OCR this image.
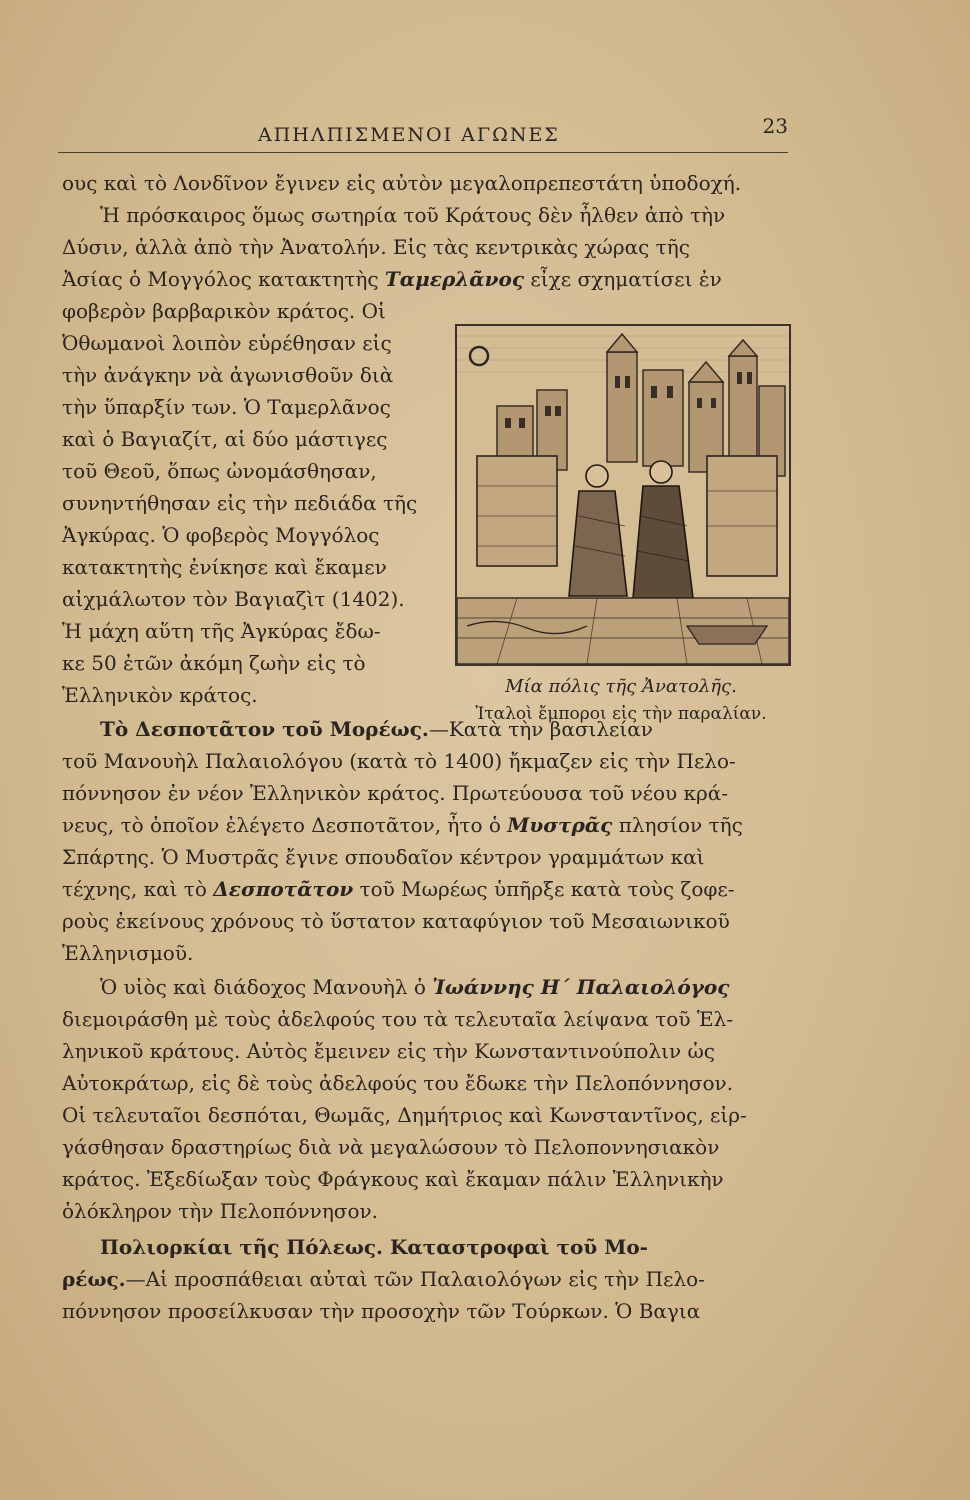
ΑΠΗΛΠΙΣΜΕΝΟΙ ΑΓΩΝΕΣ	23
ους καὶ τὸ Λονδῖνον ἔγινεν εἰς αὐτὸν μεγαλοπρεπεστάτη ὑποδοχή.
Ἡ πρόσκαιρος ὅμως σωτηρία τοῦ Κράτους δὲν ἦλθεν ἀπὸ τὴν
Δύσιν, ἀλλὰ ἀπὸ τὴν Ἀνατολήν. Εἰς τὰς κεντρικὰς χώρας τῆς
Ἀσίας ὁ Μογγόλος κατακτητὴς Ταμερλᾶνος εἶχε σχηματίσει ἐν
φοβερὸν βαρβαρικὸν κράτος. Οἱ
Ὀθωμανοὶ λοιπὸν εὑρέθησαν εἰς
τὴν ἀνάγκην νὰ ἀγωνισθοῦν διὰ
τὴν ὕπαρξίν των. Ὁ Ταμερλᾶνος
καὶ ὁ Βαγιαζίτ, αἱ δύο μάστιγες
τοῦ Θεοῦ, ὅπως ὠνομάσθησαν,
συνηντήθησαν εἰς τὴν πεδιάδα τῆς
Ἀγκύρας. Ὁ φοβερὸς Μογγόλος
κατακτητὴς ἐνίκησε καὶ ἔκαμεν
αἰχμάλωτον τὸν Βαγιαζὶτ (1402).
Ἡ μάχη αὕτη τῆς Ἀγκύρας ἔδω-
κε 50 ἐτῶν ἀκόμη ζωὴν εἰς τὸ
Ἑλληνικὸν κράτος.
Τὸ Δεσποτᾶτον τοῦ Μορέως.—Κατὰ τὴν βασιλείαν
τοῦ Μανουὴλ Παλαιολόγου (κατὰ τὸ 1400) ἤκμαζεν εἰς τὴν Πελο-
πόννησον ἐν νέον Ἑλληνικὸν κράτος. Πρωτεύουσα τοῦ νέου κρά-
νευς, τὸ ὁποῖον ἐλέγετο Δεσποτᾶτον, ἦτο ὁ Μυστρᾶς πλησίον τῆς
Σπάρτης. Ὁ Μυστρᾶς ἔγινε σπουδαῖον κέντρον γραμμάτων καὶ
τέχνης, καὶ τὸ Δεσποτᾶτον τοῦ Μωρέως ὑπῆρξε κατὰ τοὺς ζοφε-
ροὺς ἐκείνους χρόνους τὸ ὕστατον καταφύγιον τοῦ Μεσαιωνικοῦ
Ἑλληνισμοῦ.
Ὁ υἱὸς καὶ διάδοχος Μανουὴλ ὁ Ἰωάννης Η΄ Παλαιολόγος
διεμοιράσθη μὲ τοὺς ἀδελφούς του τὰ τελευταῖα λείψανα τοῦ Ἑλ-
ληνικοῦ κράτους. Αὐτὸς ἔμεινεν εἰς τὴν Κωνσταντινούπολιν ὡς
Αὐτοκράτωρ, εἰς δὲ τοὺς ἀδελφούς του ἔδωκε τὴν Πελοπόννησον.
Οἱ τελευταῖοι δεσπόται, Θωμᾶς, Δημήτριος καὶ Κωνσταντῖνος, εἰρ-
γάσθησαν δραστηρίως διὰ νὰ μεγαλώσουν τὸ Πελοποννησιακὸν
κράτος. Ἐξεδίωξαν τοὺς Φράγκους καὶ ἔκαμαν πάλιν Ἑλληνικὴν
ὁλόκληρον τὴν Πελοπόννησον.
Πολιορκίαι τῆς Πόλεως. Καταστροφαὶ τοῦ Μο-
ρέως.—Αἱ προσπάθειαι αὐταὶ τῶν Παλαιολόγων εἰς τὴν Πελο-
πόννησον προσείλκυσαν τὴν προσοχὴν τῶν Τούρκων. Ὁ Βαγια
Μία πόλις τῆς Ἀνατολῆς.
Ἰταλοὶ ἔμποροι εἰς τὴν παραλίαν.
